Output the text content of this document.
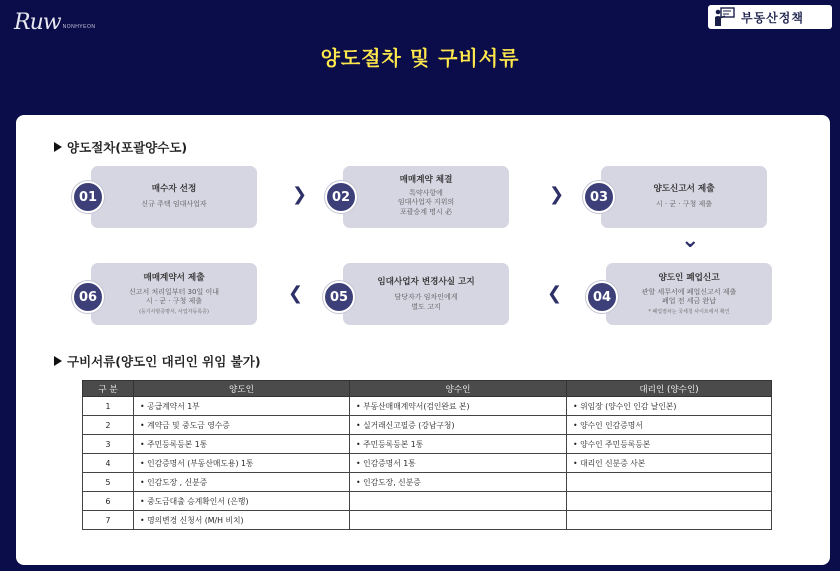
Ruw NONHYEON
부동산정책
양도절차 및 구비서류
양도절차(포괄양수도)
매수자 선정
신규 주택 임대사업자
01	❯
매매계약 체결
특약사항에
임대사업자 지위의
포괄승계 명시 必
02	❯	양도신고서 제출
시 · 군 · 구청 제출
03
⌄
매매계약서 제출
신고서 처리일부터 30일 이내
시 · 군 · 구청 제출
(등기사항증명서, 사업자등록증)
06	❮
임대사업자 변경사실 고지
담당자가 임차인에게
별도 고지
05	❮
양도인 폐업신고
관할 세무서에 폐업신고서 제출
폐업 전 세금 완납
* 폐업절차는 국세청 사이트에서 확인
04
구비서류(양도인 대리인 위임 불가)
구 분	양도인	양수인	대리인 (양수인)
1	• 공급계약서 1부	• 부동산매매계약서(검인완료 본)	• 위임장 (양수인 인감 날인본)
2	• 계약금 및 중도금 영수증	• 실거래신고필증 (강남구청)	• 양수인 인감증명서
3	• 주민등록등본 1통	• 주민등록등본 1통	• 양수인 주민등록등본
4	• 인감증명서 (부동산매도용) 1통	• 인감증명서 1통	• 대리인 신분증 사본
5	• 인감도장 , 신분증	• 인감도장, 신분증	
6	• 중도금대출 승계확인서 (은행)		
7	• 명의변경 신청서 (M/H 비치)		
